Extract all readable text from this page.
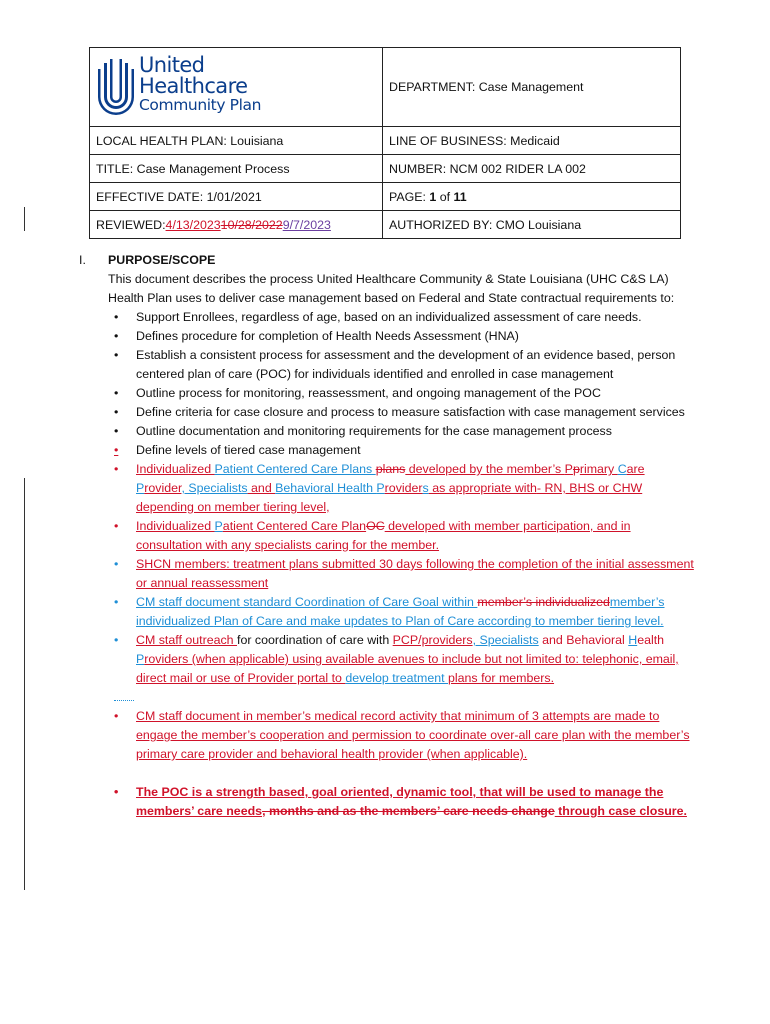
United
Healthcare
Community Plan	DEPARTMENT: Case Management
LOCAL HEALTH PLAN: Louisiana	LINE OF BUSINESS: Medicaid
TITLE: Case Management Process	NUMBER: NCM 002 RIDER LA 002
EFFECTIVE DATE: 1/01/2021	PAGE: 1 of 11
REVIEWED:4/13/202310/28/20229/7/2023	AUTHORIZED BY: CMO Louisiana
I.	PURPOSE/SCOPE
This document describes the process United Healthcare Community & State Louisiana (UHC C&S LA) Health Plan uses to deliver case management based on Federal and State contractual requirements to:
• Support Enrollees, regardless of age, based on an individualized assessment of care needs.
• Defines procedure for completion of Health Needs Assessment (HNA)
• Establish a consistent process for assessment and the development of an evidence based, person centered plan of care (POC) for individuals identified and enrolled in case management
• Outline process for monitoring, reassessment, and ongoing management of the POC
• Define criteria for case closure and process to measure satisfaction with case management services
• Outline documentation and monitoring requirements for the case management process
• Define levels of tiered case management
• Individualized Patient Centered Care Plans plans developed by the member’s Pprimary Care Provider, Specialists and Behavioral Health Providers as appropriate with- RN, BHS or CHW depending on member tiering level,
• Individualized Patient Centered Care PlanOC developed with member participation, and in consultation with any specialists caring for the member.
• SHCN members: treatment plans submitted 30 days following the completion of the initial assessment or annual reassessment
• CM staff document standard Coordination of Care Goal within member’s individualizedmember’s individualized Plan of Care and make updates to Plan of Care according to member tiering level.
• CM staff outreach for coordination of care with PCP/providers, Specialists and Behavioral Health Providers (when applicable) using available avenues to include but not limited to: telephonic, email, direct mail or use of Provider portal to develop treatment plans for members.
• CM staff document in member’s medical record activity that minimum of 3 attempts are made to engage the member’s cooperation and permission to coordinate over-all care plan with the member’s primary care provider and behavioral health provider (when applicable).
• The POC is a strength based, goal oriented, dynamic tool, that will be used to manage the members’ care needs, months and as the members’ care needs change through case closure.
